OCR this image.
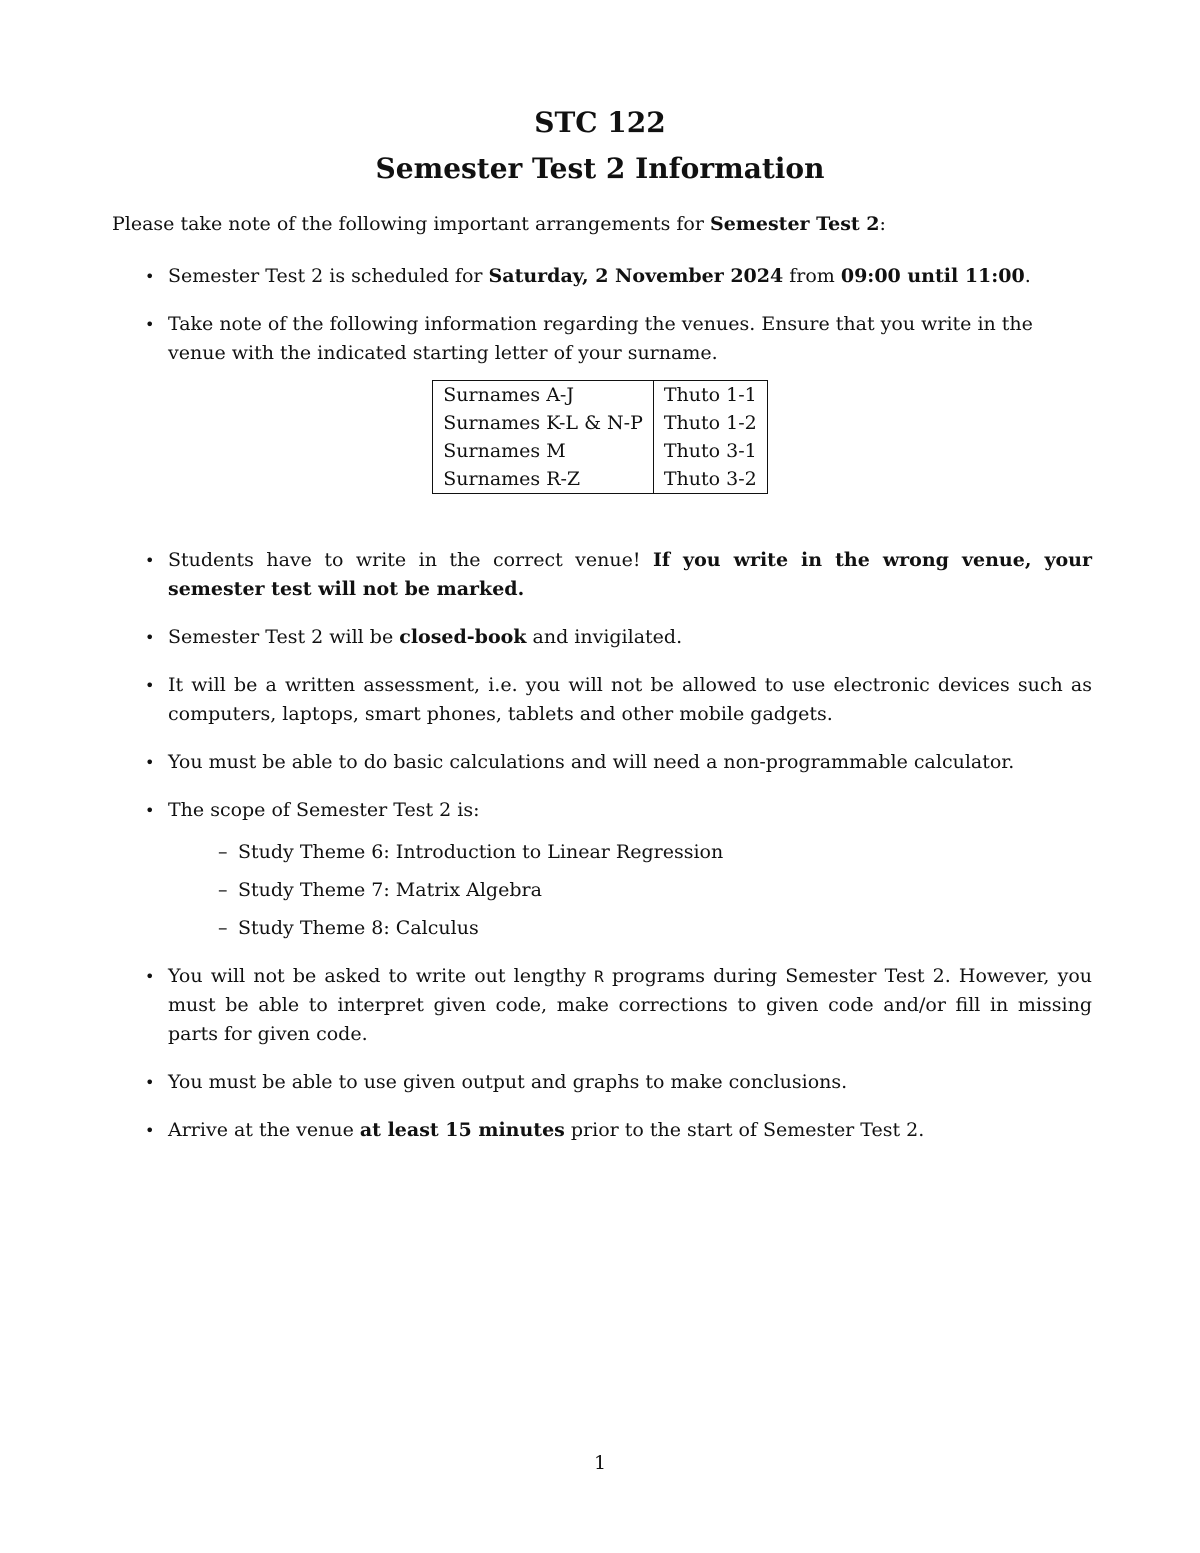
STC 122
Semester Test 2 Information
Please take note of the following important arrangements for Semester Test 2:
• Semester Test 2 is scheduled for Saturday, 2 November 2024 from 09:00 until 11:00.
• Take note of the following information regarding the venues. Ensure that you write in the venue with the indicated starting letter of your surname.
Surnames A-J	Thuto 1-1
Surnames K-L & N-P	Thuto 1-2
Surnames M	Thuto 3-1
Surnames R-Z	Thuto 3-2
• Students have to write in the correct venue! If you write in the wrong venue, your semester test will not be marked.
• Semester Test 2 will be closed-book and invigilated.
• It will be a written assessment, i.e. you will not be allowed to use electronic devices such as computers, laptops, smart phones, tablets and other mobile gadgets.
• You must be able to do basic calculations and will need a non-programmable calculator.
• The scope of Semester Test 2 is:
– Study Theme 6: Introduction to Linear Regression
– Study Theme 7: Matrix Algebra
– Study Theme 8: Calculus
• You will not be asked to write out lengthy R programs during Semester Test 2. However, you must be able to interpret given code, make corrections to given code and/or fill in missing parts for given code.
• You must be able to use given output and graphs to make conclusions.
• Arrive at the venue at least 15 minutes prior to the start of Semester Test 2.
1
